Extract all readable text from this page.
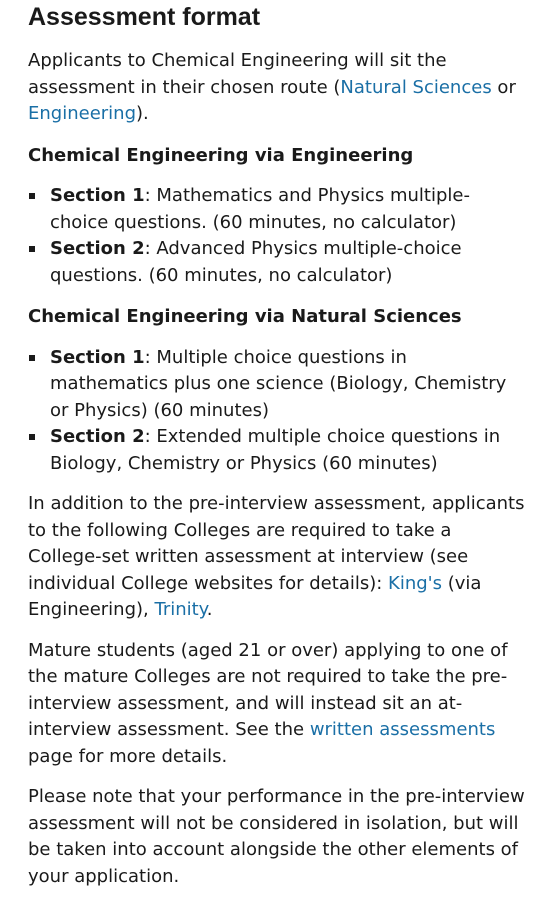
Assessment format

Applicants to Chemical Engineering will sit the assessment in their chosen route (Natural Sciences or Engineering).

Chemical Engineering via Engineering
Section 1: Mathematics and Physics multiple-choice questions. (60 minutes, no calculator)
Section 2: Advanced Physics multiple-choice questions. (60 minutes, no calculator)
Chemical Engineering via Natural Sciences
Section 1: Multiple choice questions in mathematics plus one science (Biology, Chemistry or Physics) (60 minutes)
Section 2: Extended multiple choice questions in Biology, Chemistry or Physics (60 minutes)

In addition to the pre-interview assessment, applicants to the following Colleges are required to take a College-set written assessment at interview (see individual College websites for details): King's (via Engineering), Trinity.

Mature students (aged 21 or over) applying to one of the mature Colleges are not required to take the pre-interview assessment, and will instead sit an at-interview assessment. See the written assessments page for more details.

Please note that your performance in the pre-interview assessment will not be considered in isolation, but will be taken into account alongside the other elements of your application.
